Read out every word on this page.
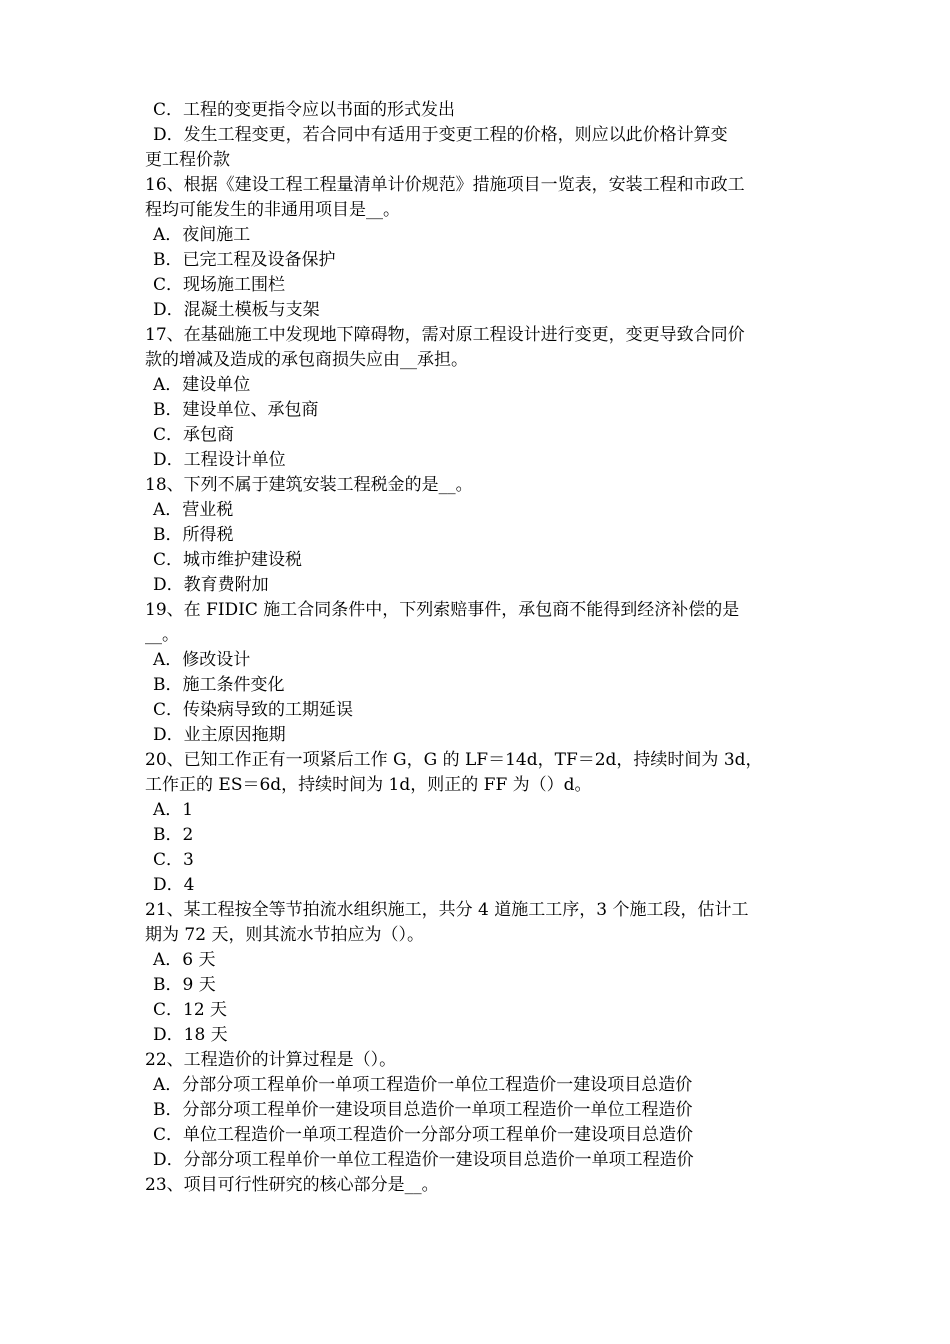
C．工程的变更指令应以书面的形式发出
D．发生工程变更，若合同中有适用于变更工程的价格，则应以此价格计算变
更工程价款
16、根据《建设工程工程量清单计价规范》措施项目一览表，安装工程和市政工
程均可能发生的非通用项目是__。
A．夜间施工
B．已完工程及设备保护
C．现场施工围栏
D．混凝土模板与支架
17、在基础施工中发现地下障碍物，需对原工程设计进行变更，变更导致合同价
款的增减及造成的承包商损失应由__承担。
A．建设单位
B．建设单位、承包商
C．承包商
D．工程设计单位
18、下列不属于建筑安装工程税金的是__。
A．营业税
B．所得税
C．城市维护建设税
D．教育费附加
19、在 FIDIC 施工合同条件中，下列索赔事件，承包商不能得到经济补偿的是
__。
A．修改设计
B．施工条件变化
C．传染病导致的工期延误
D．业主原因拖期
20、已知工作正有一项紧后工作 G，G 的 LF＝14d，TF＝2d，持续时间为 3d，
工作正的 ES＝6d，持续时间为 1d，则正的 FF 为（）d。
A．1
B．2
C．3
D．4
21、某工程按全等节拍流水组织施工，共分 4 道施工工序，3 个施工段，估计工
期为 72 天，则其流水节拍应为（）。
A．6 天
B．9 天
C．12 天
D．18 天
22、工程造价的计算过程是（）。
A．分部分项工程单价一单项工程造价一单位工程造价一建设项目总造价
B．分部分项工程单价一建设项目总造价一单项工程造价一单位工程造价
C．单位工程造价一单项工程造价一分部分项工程单价一建设项目总造价
D．分部分项工程单价一单位工程造价一建设项目总造价一单项工程造价
23、项目可行性研究的核心部分是__。
